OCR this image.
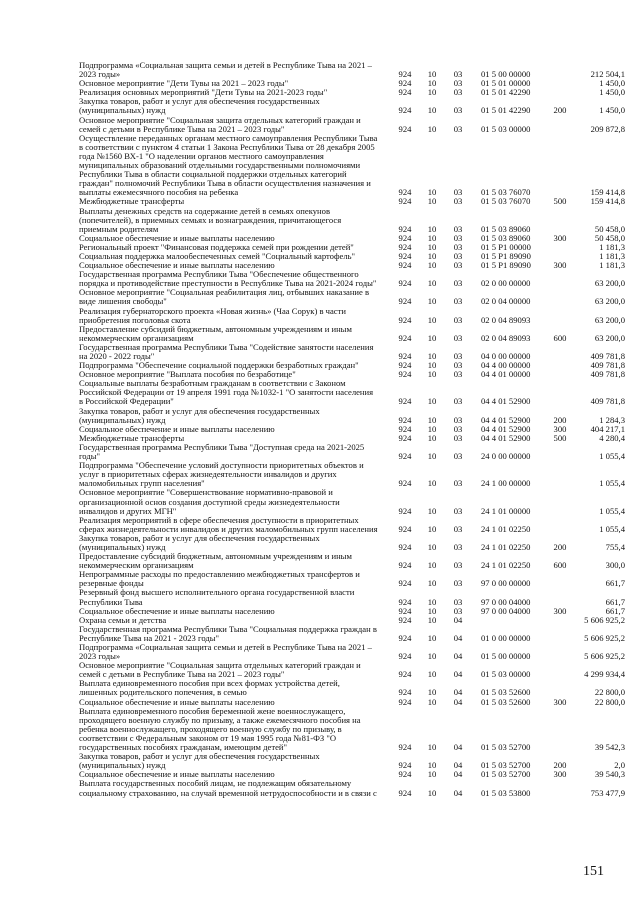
Подпрограмма «Социальная защита семьи и детей в Республике Тыва на 2021 – 2023 годы»	924	10	03	01 5 00 00000	212 504,1
Основное мероприятие "Дети Тувы на 2021 – 2023 годы"	924	10	03	01 5 01 00000	1 450,0
Реализация основных мероприятий "Дети Тувы на 2021-2023 годы"	924	10	03	01 5 01 42290	1 450,0
Закупка товаров, работ и услуг для обеспечения государственных (муниципальных) нужд	924	10	03	01 5 01 42290	200	1 450,0
Основное мероприятие "Социальная защита отдельных категорий граждан и семей с детьми в Республике Тыва на 2021 – 2023 годы"	924	10	03	01 5 03 00000	209 872,8
Осуществление переданных органам местного самоуправления Республики Тыва в соответствии с пунктом 4 статьи 1 Закона Республики Тыва от 28 декабря 2005 года №1560 ВХ-1 "О наделении органов местного самоуправления муниципальных образований отдельными государственными полномочиями Республики Тыва в области социальной поддержки отдельных категорий граждан" полномочий Республики Тыва в области осуществления назначения и выплаты ежемесячного пособия на ребенка	924	10	03	01 5 03 76070	159 414,8
Межбюджетные трансферты	924	10	03	01 5 03 76070	500	159 414,8
Выплаты денежных средств на содержание детей в семьях опекунов (попечителей), в приемных семьях и вознаграждения, причитающегося приемным родителям	924	10	03	01 5 03 89060	50 458,0
Социальное обеспечение и иные выплаты населению	924	10	03	01 5 03 89060	300	50 458,0
Региональный проект "Финансовая поддержка семей при рождении детей"	924	10	03	01 5 P1 00000	1 181,3
Социальная поддержка малообеспеченных семей "Социальный картофель"	924	10	03	01 5 P1 89090	1 181,3
Социальное обеспечение и иные выплаты населению	924	10	03	01 5 P1 89090	300	1 181,3
Государственная программа Республики Тыва "Обеспечение общественного порядка и противодействие преступности в Республике Тыва на 2021-2024 годы"	924	10	03	02 0 00 00000	63 200,0
Основное мероприятие "Социальная реабилитация лиц, отбывших наказание в виде лишения свободы"	924	10	03	02 0 04 00000	63 200,0
Реализация губернаторского проекта «Новая жизнь» (Чаа Сорук) в части приобретения поголовья скота	924	10	03	02 0 04 89093	63 200,0
Предоставление субсидий бюджетным, автономным учреждениям и иным некоммерческим организациям	924	10	03	02 0 04 89093	600	63 200,0
Государственная программа Республики Тыва "Содействие занятости населения на 2020 - 2022 годы"	924	10	03	04 0 00 00000	409 781,8
Подпрограмма "Обеспечение социальной поддержки безработных граждан"	924	10	03	04 4 00 00000	409 781,8
Основное мероприятие "Выплата пособия по безработице"	924	10	03	04 4 01 00000	409 781,8
Социальные выплаты безработным гражданам в соответствии с Законом Российской Федерации от 19 апреля 1991 года №1032-1 "О занятости населения в Российской Федерации"	924	10	03	04 4 01 52900	409 781,8
Закупка товаров, работ и услуг для обеспечения государственных (муниципальных) нужд	924	10	03	04 4 01 52900	200	1 284,3
Социальное обеспечение и иные выплаты населению	924	10	03	04 4 01 52900	300	404 217,1
Межбюджетные трансферты	924	10	03	04 4 01 52900	500	4 280,4
Государственная программа Республики Тыва "Доступная среда на 2021-2025 годы"	924	10	03	24 0 00 00000	1 055,4
Подпрограмма "Обеспечение условий доступности приоритетных объектов и услуг в приоритетных сферах жизнедеятельности инвалидов и других маломобильных групп населения"	924	10	03	24 1 00 00000	1 055,4
Основное мероприятие "Совершенствование нормативно-правовой и организационной основ создания доступной среды жизнедеятельности инвалидов и других МГН"	924	10	03	24 1 01 00000	1 055,4
Реализация мероприятий в сфере обеспечения доступности в приоритетных сферах жизнедеятельности инвалидов и других маломобильных групп населения	924	10	03	24 1 01 02250	1 055,4
Закупка товаров, работ и услуг для обеспечения государственных (муниципальных) нужд	924	10	03	24 1 01 02250	200	755,4
Предоставление субсидий бюджетным, автономным учреждениям и иным некоммерческим организациям	924	10	03	24 1 01 02250	600	300,0
Непрограммные расходы по предоставлению межбюджетных трансфертов и резервные фонды	924	10	03	97 0 00 00000	661,7
Резервный фонд высшего исполнительного органа государственной власти Республики Тыва	924	10	03	97 0 00 04000	661,7
Социальное обеспечение и иные выплаты населению	924	10	03	97 0 00 04000	300	661,7
Охрана семьи и детства	924	10	04	5 606 925,2
Государственная программа Республики Тыва "Социальная поддержка граждан в Республике Тыва на 2021 - 2023 годы"	924	10	04	01 0 00 00000	5 606 925,2
Подпрограмма «Социальная защита семьи и детей в Республике Тыва на 2021 – 2023 годы»	924	10	04	01 5 00 00000	5 606 925,2
Основное мероприятие "Социальная защита отдельных категорий граждан и семей с детьми в Республике Тыва на 2021 – 2023 годы"	924	10	04	01 5 03 00000	4 299 934,4
Выплата единовременного пособия при всех формах устройства детей, лишенных родительского попечения, в семью	924	10	04	01 5 03 52600	22 800,0
Социальное обеспечение и иные выплаты населению	924	10	04	01 5 03 52600	300	22 800,0
Выплата единовременного пособия беременной жене военнослужащего, проходящего военную службу по призыву, а также ежемесячного пособия на ребенка военнослужащего, проходящего военную службу по призыву, в соответствии с Федеральным законом от 19 мая 1995 года №81-ФЗ "О государственных пособиях гражданам, имеющим детей"	924	10	04	01 5 03 52700	39 542,3
Закупка товаров, работ и услуг для обеспечения государственных (муниципальных) нужд	924	10	04	01 5 03 52700	200	2,0
Социальное обеспечение и иные выплаты населению	924	10	04	01 5 03 52700	300	39 540,3
Выплата государственных пособий лицам, не подлежащим обязательному социальному страхованию, на случай временной нетрудоспособности и в связи с	924	10	04	01 5 03 53800	753 477,9
151
